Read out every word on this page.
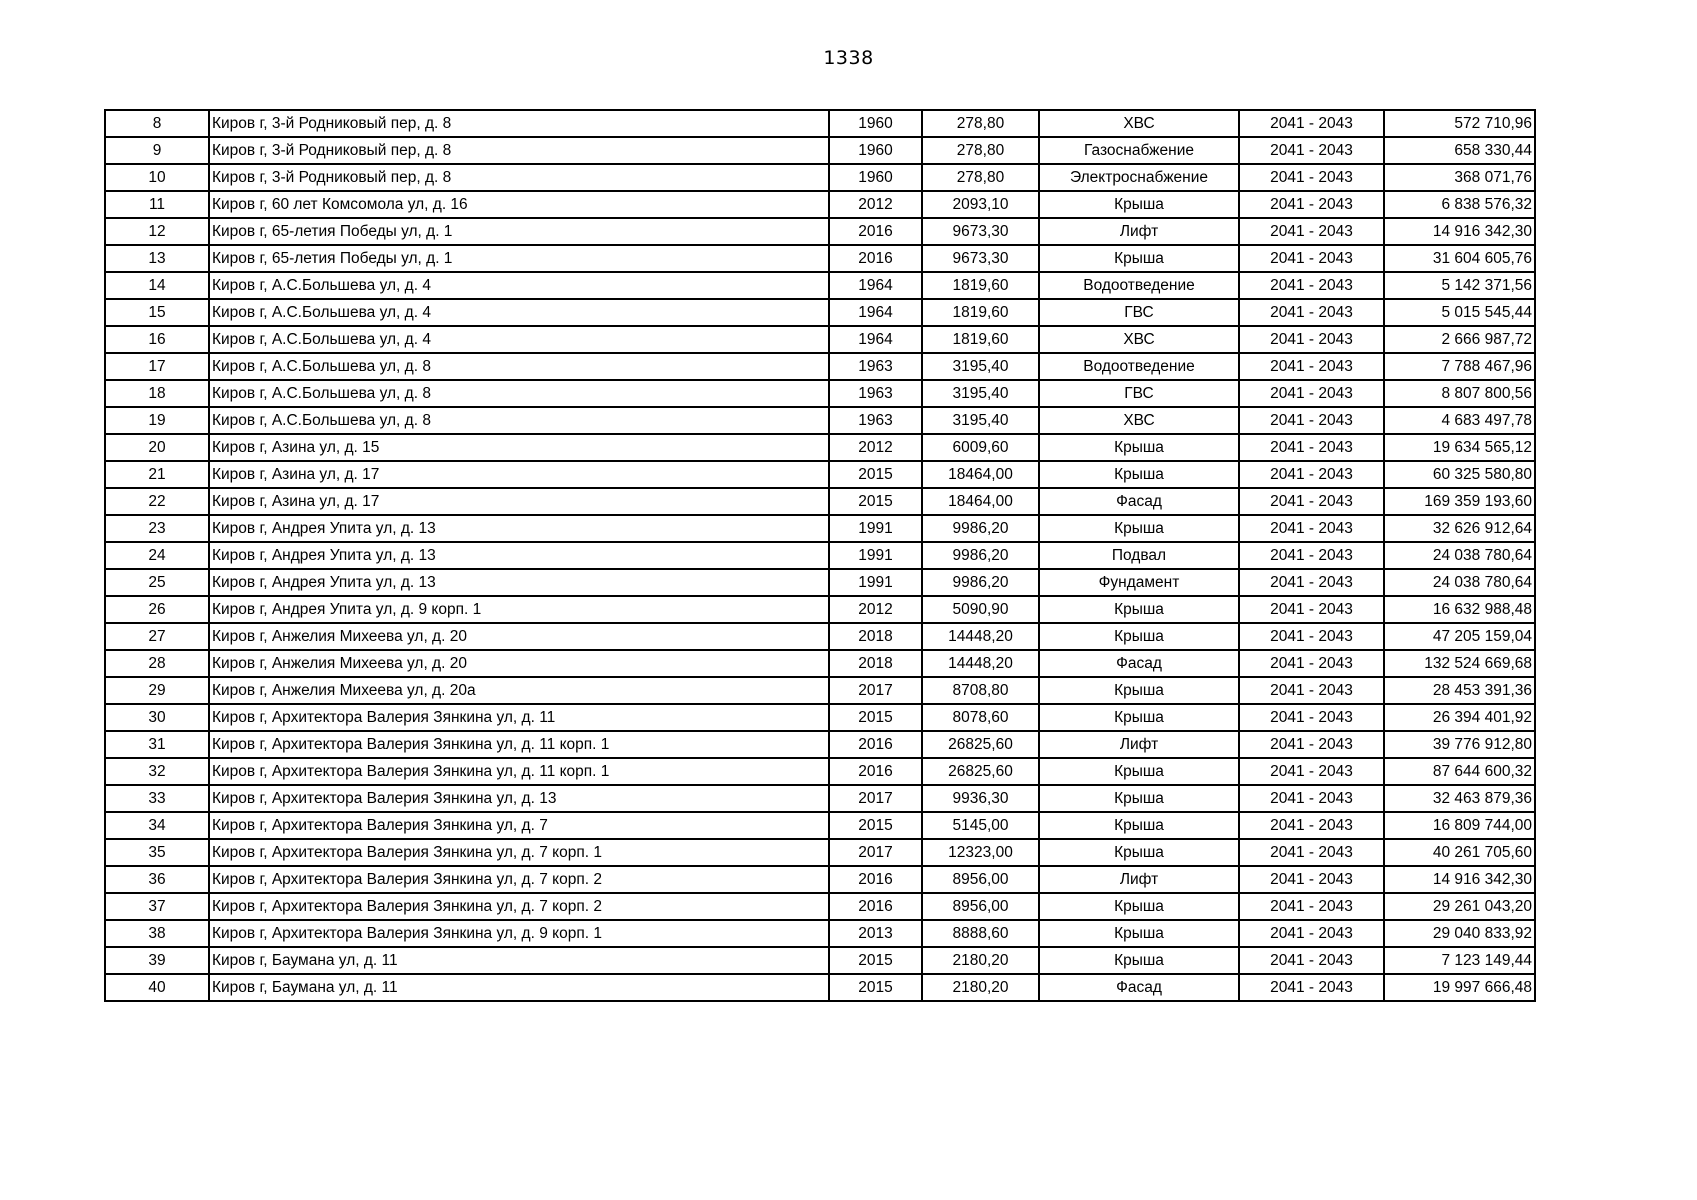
1338
8	Киров г, 3-й Родниковый пер, д. 8	1960	278,80	ХВС	2041 - 2043	572 710,96
9	Киров г, 3-й Родниковый пер, д. 8	1960	278,80	Газоснабжение	2041 - 2043	658 330,44
10	Киров г, 3-й Родниковый пер, д. 8	1960	278,80	Электроснабжение	2041 - 2043	368 071,76
11	Киров г, 60 лет Комсомола ул, д. 16	2012	2093,10	Крыша	2041 - 2043	6 838 576,32
12	Киров г, 65-летия Победы ул, д. 1	2016	9673,30	Лифт	2041 - 2043	14 916 342,30
13	Киров г, 65-летия Победы ул, д. 1	2016	9673,30	Крыша	2041 - 2043	31 604 605,76
14	Киров г, А.С.Большева ул, д. 4	1964	1819,60	Водоотведение	2041 - 2043	5 142 371,56
15	Киров г, А.С.Большева ул, д. 4	1964	1819,60	ГВС	2041 - 2043	5 015 545,44
16	Киров г, А.С.Большева ул, д. 4	1964	1819,60	ХВС	2041 - 2043	2 666 987,72
17	Киров г, А.С.Большева ул, д. 8	1963	3195,40	Водоотведение	2041 - 2043	7 788 467,96
18	Киров г, А.С.Большева ул, д. 8	1963	3195,40	ГВС	2041 - 2043	8 807 800,56
19	Киров г, А.С.Большева ул, д. 8	1963	3195,40	ХВС	2041 - 2043	4 683 497,78
20	Киров г, Азина ул, д. 15	2012	6009,60	Крыша	2041 - 2043	19 634 565,12
21	Киров г, Азина ул, д. 17	2015	18464,00	Крыша	2041 - 2043	60 325 580,80
22	Киров г, Азина ул, д. 17	2015	18464,00	Фасад	2041 - 2043	169 359 193,60
23	Киров г, Андрея Упита ул, д. 13	1991	9986,20	Крыша	2041 - 2043	32 626 912,64
24	Киров г, Андрея Упита ул, д. 13	1991	9986,20	Подвал	2041 - 2043	24 038 780,64
25	Киров г, Андрея Упита ул, д. 13	1991	9986,20	Фундамент	2041 - 2043	24 038 780,64
26	Киров г, Андрея Упита ул, д. 9 корп. 1	2012	5090,90	Крыша	2041 - 2043	16 632 988,48
27	Киров г, Анжелия Михеева ул, д. 20	2018	14448,20	Крыша	2041 - 2043	47 205 159,04
28	Киров г, Анжелия Михеева ул, д. 20	2018	14448,20	Фасад	2041 - 2043	132 524 669,68
29	Киров г, Анжелия Михеева ул, д. 20а	2017	8708,80	Крыша	2041 - 2043	28 453 391,36
30	Киров г, Архитектора Валерия Зянкина ул, д. 11	2015	8078,60	Крыша	2041 - 2043	26 394 401,92
31	Киров г, Архитектора Валерия Зянкина ул, д. 11 корп. 1	2016	26825,60	Лифт	2041 - 2043	39 776 912,80
32	Киров г, Архитектора Валерия Зянкина ул, д. 11 корп. 1	2016	26825,60	Крыша	2041 - 2043	87 644 600,32
33	Киров г, Архитектора Валерия Зянкина ул, д. 13	2017	9936,30	Крыша	2041 - 2043	32 463 879,36
34	Киров г, Архитектора Валерия Зянкина ул, д. 7	2015	5145,00	Крыша	2041 - 2043	16 809 744,00
35	Киров г, Архитектора Валерия Зянкина ул, д. 7 корп. 1	2017	12323,00	Крыша	2041 - 2043	40 261 705,60
36	Киров г, Архитектора Валерия Зянкина ул, д. 7 корп. 2	2016	8956,00	Лифт	2041 - 2043	14 916 342,30
37	Киров г, Архитектора Валерия Зянкина ул, д. 7 корп. 2	2016	8956,00	Крыша	2041 - 2043	29 261 043,20
38	Киров г, Архитектора Валерия Зянкина ул, д. 9 корп. 1	2013	8888,60	Крыша	2041 - 2043	29 040 833,92
39	Киров г, Баумана ул, д. 11	2015	2180,20	Крыша	2041 - 2043	7 123 149,44
40	Киров г, Баумана ул, д. 11	2015	2180,20	Фасад	2041 - 2043	19 997 666,48
